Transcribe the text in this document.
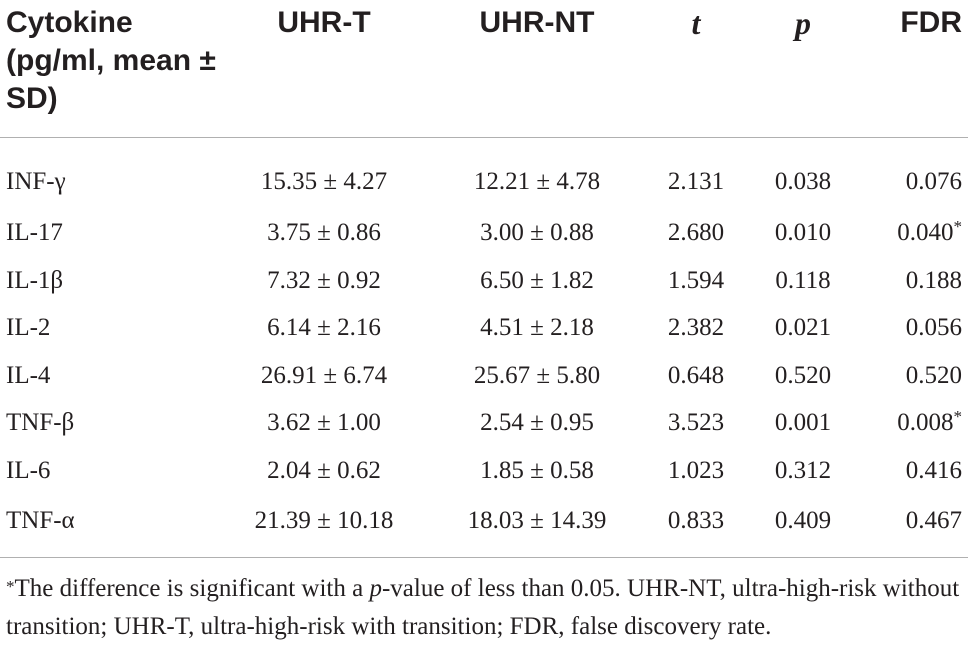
Cytokine (pg/ml, mean ± SD)	UHR-T	UHR-NT	t	p	FDR
INF-γ	15.35 ± 4.27	12.21 ± 4.78	2.131	0.038	0.076
IL-17	3.75 ± 0.86	3.00 ± 0.88	2.680	0.010	0.040*
IL-1β	7.32 ± 0.92	6.50 ± 1.82	1.594	0.118	0.188
IL-2	6.14 ± 2.16	4.51 ± 2.18	2.382	0.021	0.056
IL-4	26.91 ± 6.74	25.67 ± 5.80	0.648	0.520	0.520
TNF-β	3.62 ± 1.00	2.54 ± 0.95	3.523	0.001	0.008*
IL-6	2.04 ± 0.62	1.85 ± 0.58	1.023	0.312	0.416
TNF-α	21.39 ± 10.18	18.03 ± 14.39	0.833	0.409	0.467
*The difference is significant with a p-value of less than 0.05. UHR-NT, ultra-high-risk without transition; UHR-T, ultra-high-risk with transition; FDR, false discovery rate.
